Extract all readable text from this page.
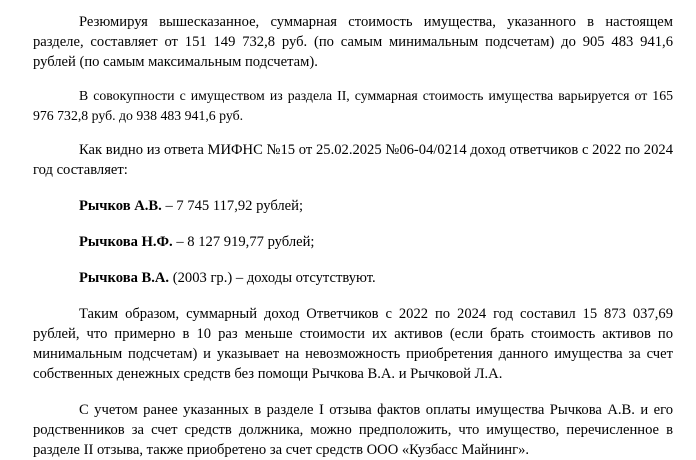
Резюмируя вышесказанное, суммарная стоимость имущества, указанного в настоящем разделе, составляет от 151 149 732,8 руб. (по самым минимальным подсчетам) до 905 483 941,6 рублей (по самым максимальным подсчетам).

В совокупности с имуществом из раздела II, суммарная стоимость имущества варьируется от 165 976 732,8 руб. до 938 483 941,6 руб.

Как видно из ответа МИФНС №15 от 25.02.2025 №06-04/0214 доход ответчиков с 2022 по 2024 год составляет:

Рычков А.В. – 7 745 117,92 рублей;

Рычкова Н.Ф. – 8 127 919,77 рублей;

Рычкова В.А. (2003 гр.) – доходы отсутствуют.

Таким образом, суммарный доход Ответчиков с 2022 по 2024 год составил 15 873 037,69 рублей, что примерно в 10 раз меньше стоимости их активов (если брать стоимость активов по минимальным подсчетам) и указывает на невозможность приобретения данного имущества за счет собственных денежных средств без помощи Рычкова В.А. и Рычковой Л.А.

С учетом ранее указанных в разделе I отзыва фактов оплаты имущества Рычкова А.В. и его родственников за счет средств должника, можно предположить, что имущество, перечисленное в разделе II отзыва, также приобретено за счет средств ООО «Кузбасс Майнинг».
